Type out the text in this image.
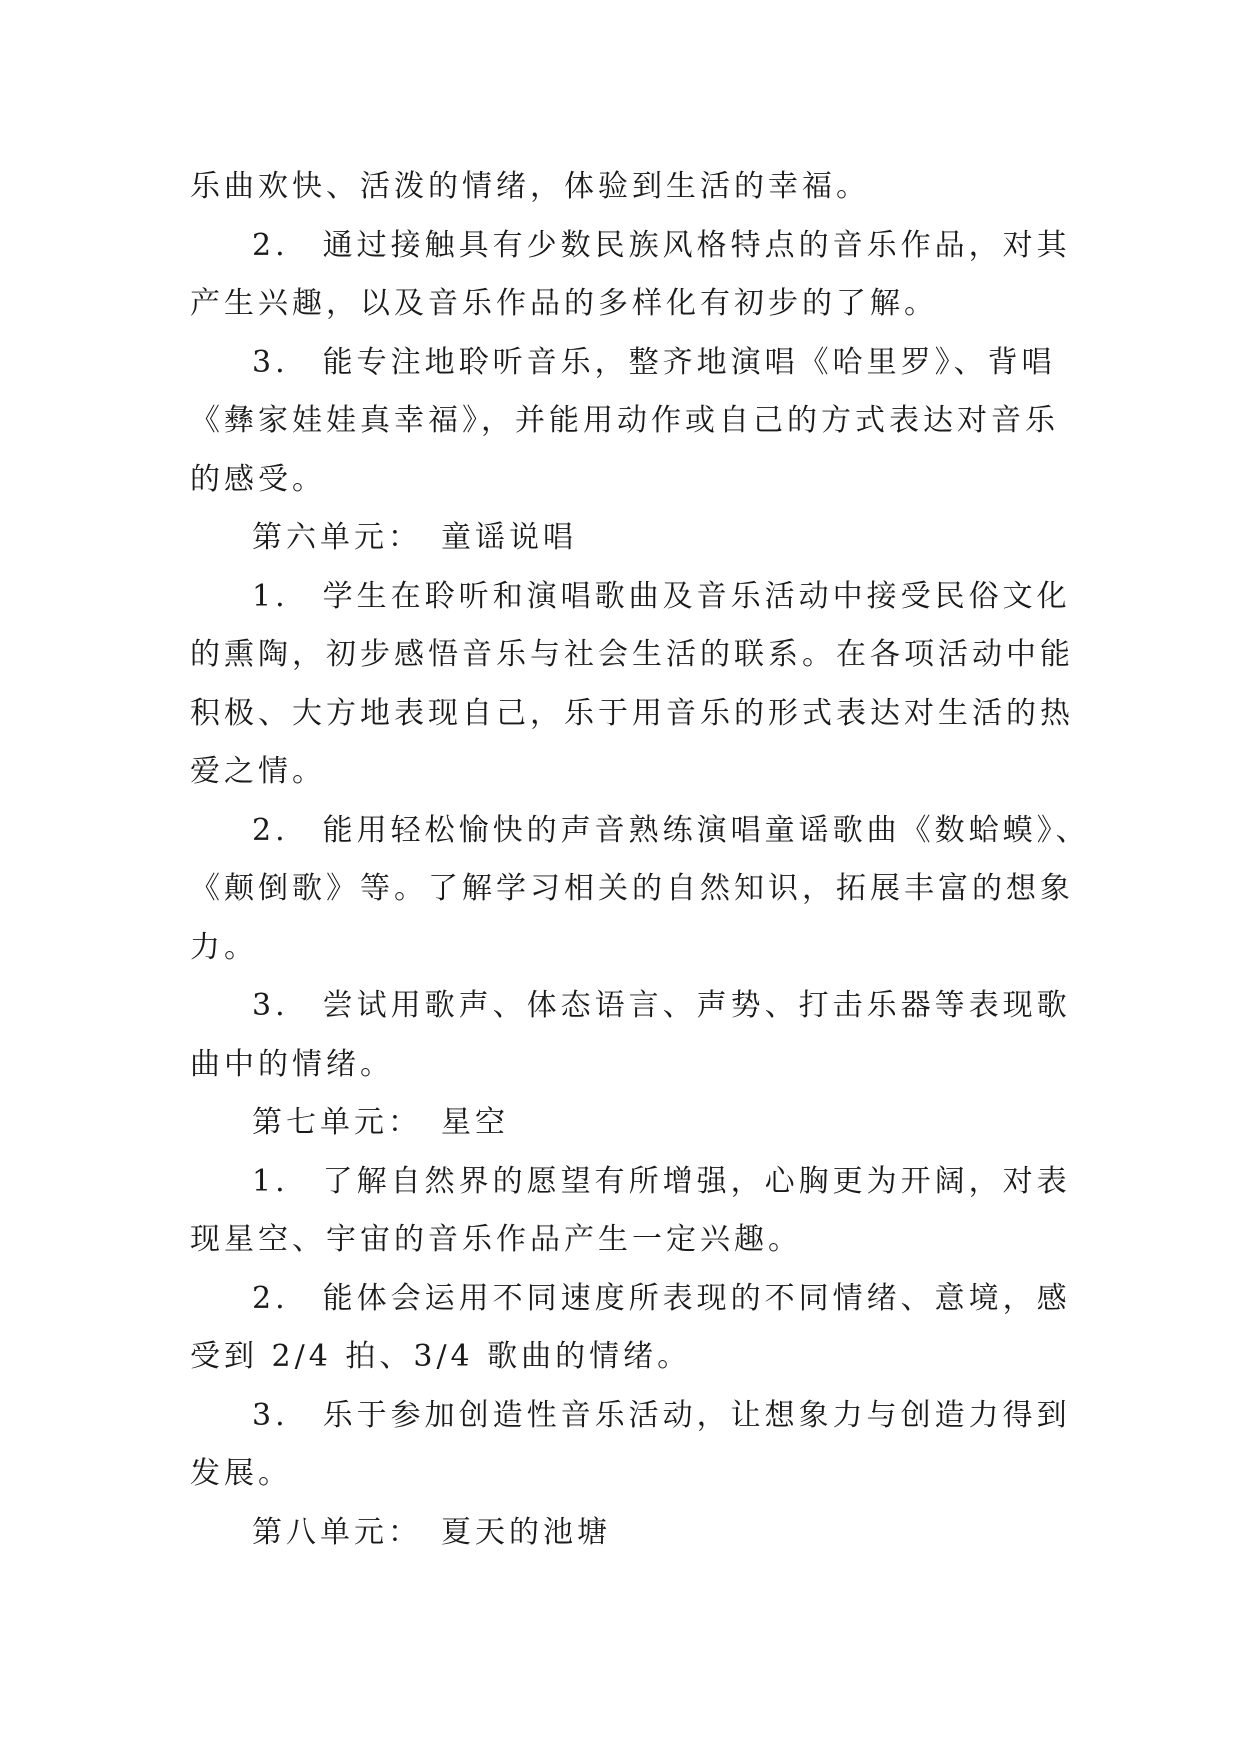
乐曲欢快、活泼的情绪，体验到生活的幸福。
2.　通过接触具有少数民族风格特点的音乐作品，对其
产生兴趣，以及音乐作品的多样化有初步的了解。
3.　能专注地聆听音乐，整齐地演唱《哈里罗》、背唱
《彝家娃娃真幸福》，并能用动作或自己的方式表达对音乐
的感受。
第六单元：　童谣说唱
1.　学生在聆听和演唱歌曲及音乐活动中接受民俗文化
的熏陶，初步感悟音乐与社会生活的联系。在各项活动中能
积极、大方地表现自己，乐于用音乐的形式表达对生活的热
爱之情。
2.　能用轻松愉快的声音熟练演唱童谣歌曲《数蛤蟆》、
《颠倒歌》等。了解学习相关的自然知识，拓展丰富的想象
力。
3.　尝试用歌声、体态语言、声势、打击乐器等表现歌
曲中的情绪。
第七单元：　星空
1.　了解自然界的愿望有所增强，心胸更为开阔，对表
现星空、宇宙的音乐作品产生一定兴趣。
2.　能体会运用不同速度所表现的不同情绪、意境，感
受到 2/4 拍、3/4 歌曲的情绪。
3.　乐于参加创造性音乐活动，让想象力与创造力得到
发展。
第八单元：　夏天的池塘
